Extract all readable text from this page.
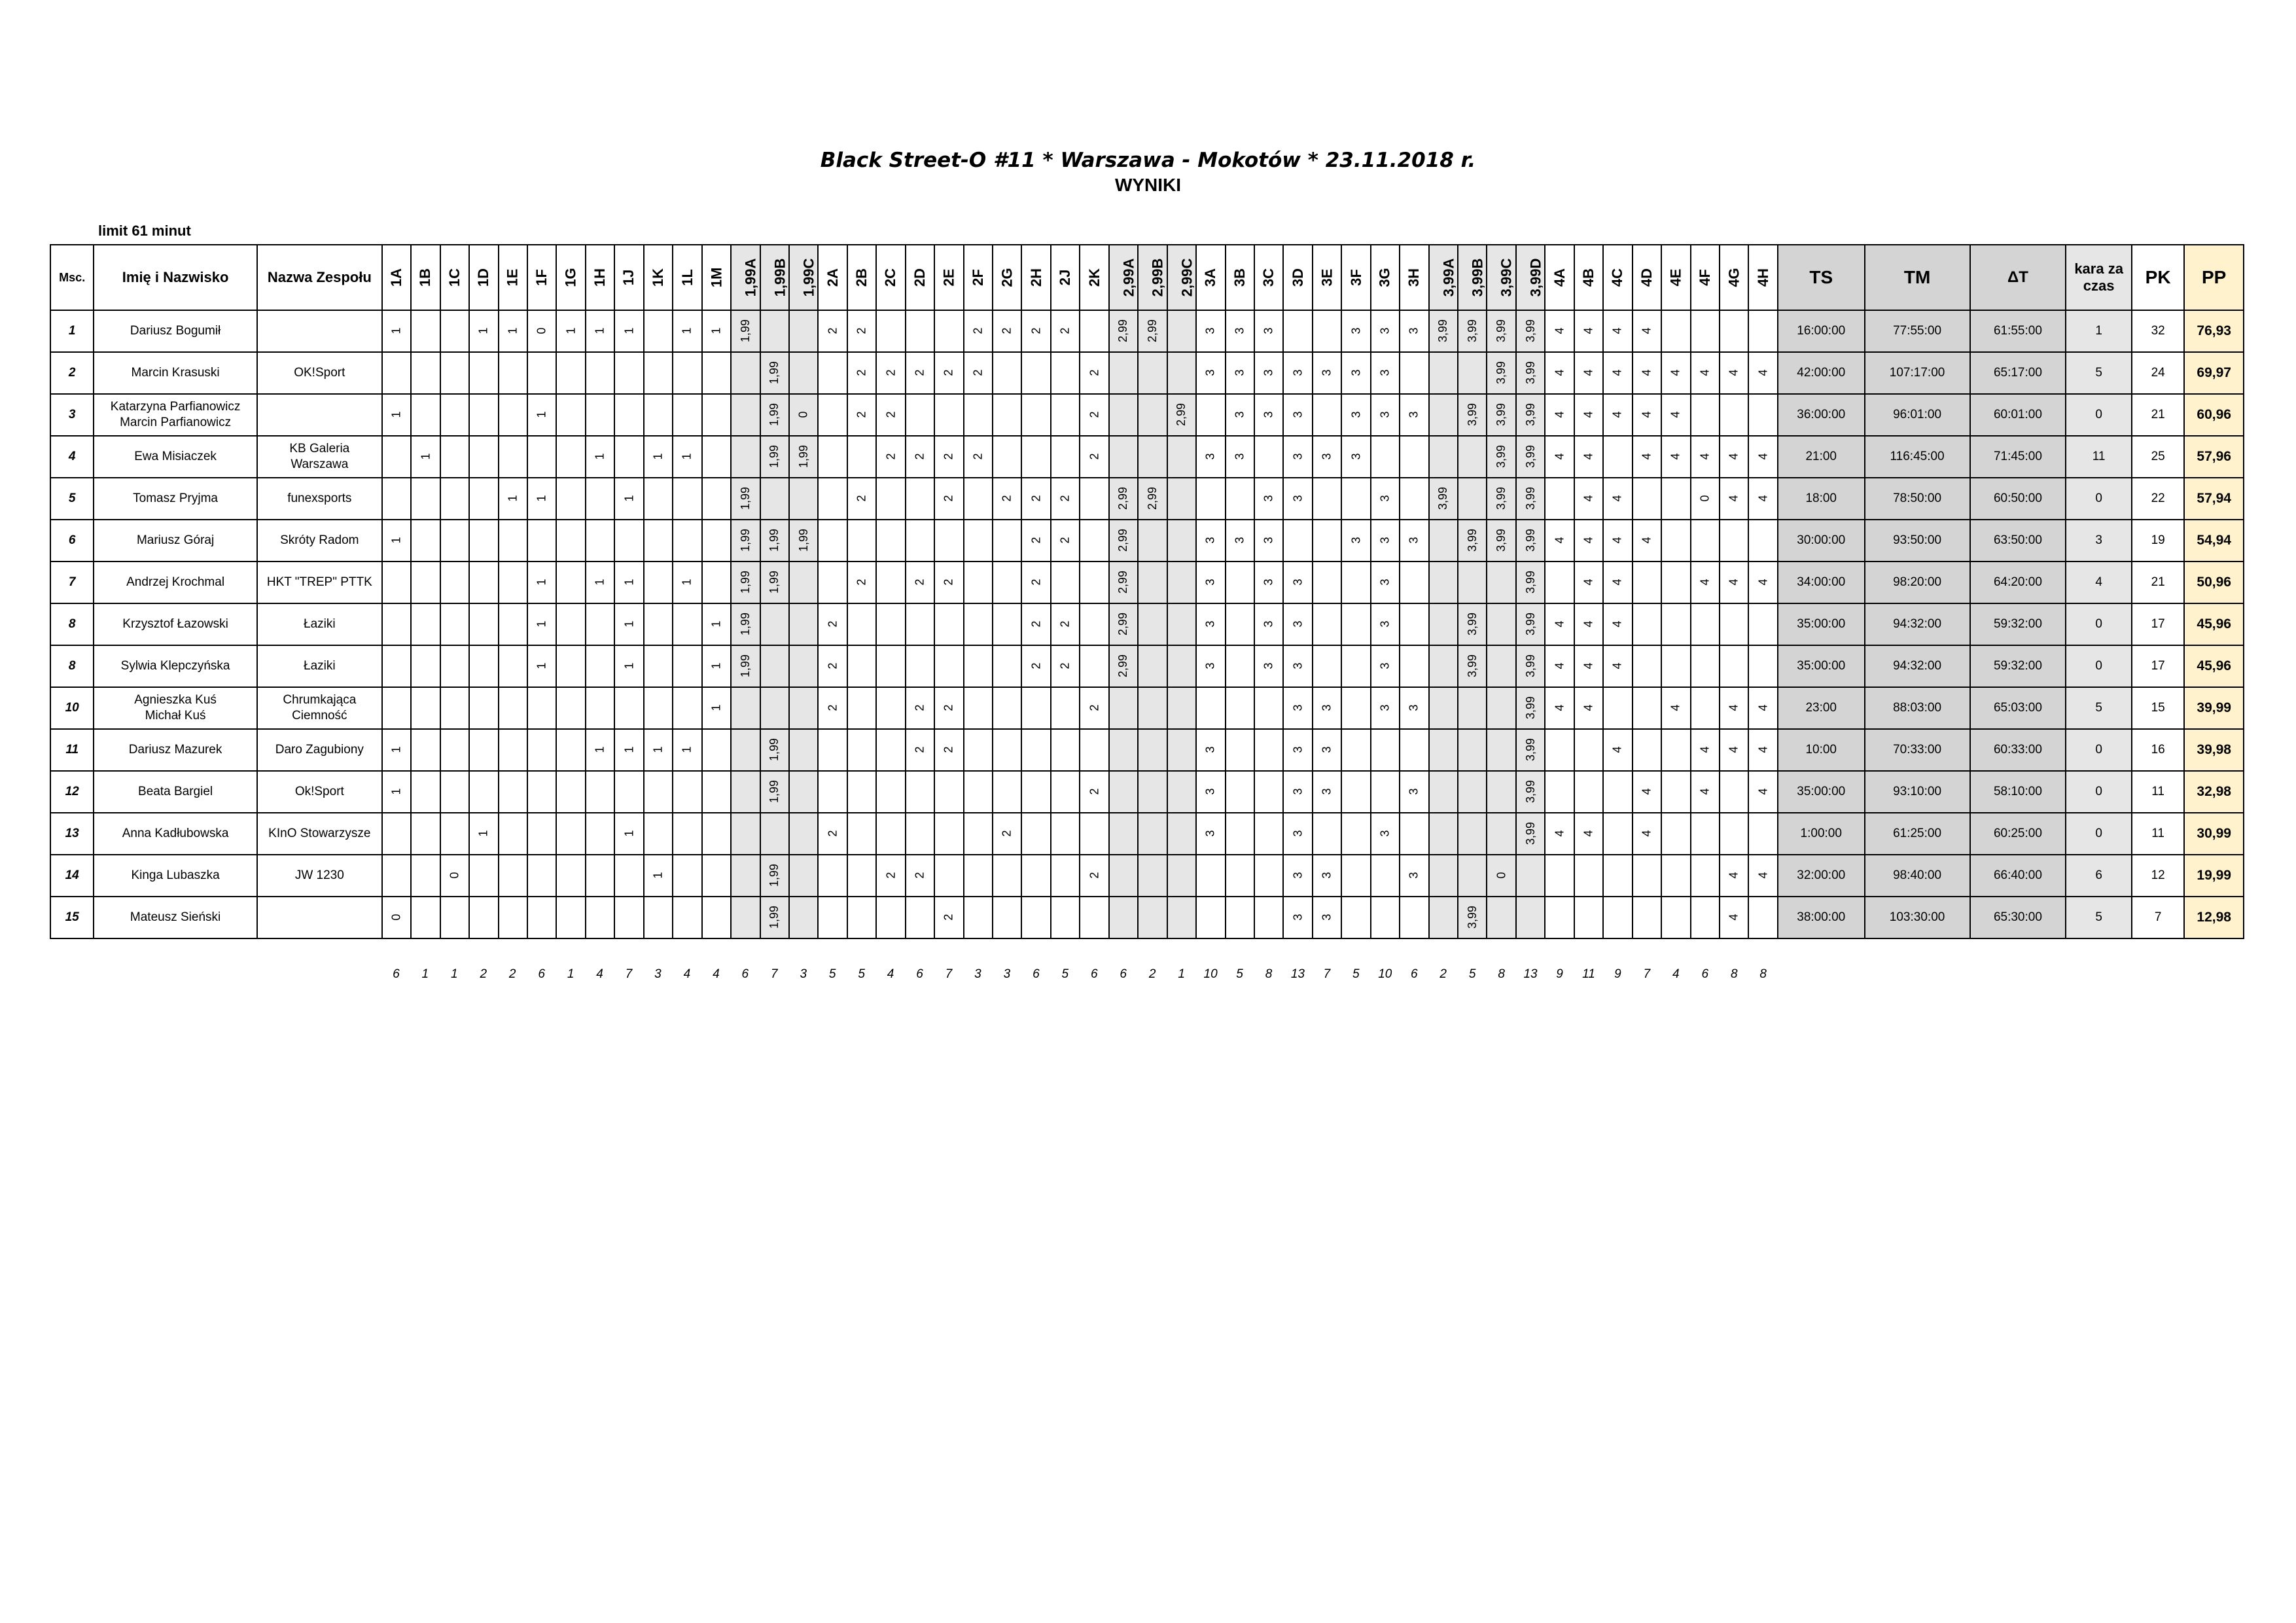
Black Street-O #11 * Warszawa - Mokotów * 23.11.2018 r.
WYNIKI
limit 61 minut
Msc.	Imię i Nazwisko	Nazwa Zespołu	1A	1B	1C	1D	1E	1F	1G	1H	1J	1K	1L	1M	1,99A	1,99B	1,99C	2A	2B	2C	2D	2E	2F	2G	2H	2J	2K	2,99A	2,99B	2,99C	3A	3B	3C	3D	3E	3F	3G	3H	3,99A	3,99B	3,99C	3,99D	4A	4B	4C	4D	4E	4F	4G	4H	TS	TM	ΔT	kara za czas	PK	PP
1	Dariusz Bogumił		1			1	1	0	1	1	1		1	1	1,99			2	2				2	2	2	2		2,99	2,99		3	3	3			3	3	3	3,99	3,99	3,99	3,99	4	4	4	4					16:00:00	77:55:00	61:55:00	1	32	76,93
2	Marcin Krasuski	OK!Sport														1,99			2	2	2	2	2				2				3	3	3	3	3	3	3				3,99	3,99	4	4	4	4	4	4	4	4	42:00:00	107:17:00	65:17:00	5	24	69,97
3	Katarzyna Parfianowicz
Marcin Parfianowicz		1					1								1,99	0		2	2							2			2,99		3	3	3		3	3	3		3,99	3,99	3,99	4	4	4	4	4				36:00:00	96:01:00	60:01:00	0	21	60,96
4	Ewa Misiaczek	KB Galeria
Warszawa		1						1		1	1			1,99	1,99			2	2	2	2				2				3	3		3	3	3					3,99	3,99	4	4		4	4	4	4	4	21:00	116:45:00	71:45:00	11	25	57,96
5	Tomasz Pryjma	funexsports					1	1			1				1,99				2			2		2	2	2		2,99	2,99				3	3			3		3,99		3,99	3,99		4	4			0	4	4	18:00	78:50:00	60:50:00	0	22	57,94
6	Mariusz Góraj	Skróty Radom	1												1,99	1,99	1,99								2	2		2,99			3	3	3			3	3	3		3,99	3,99	3,99	4	4	4	4					30:00:00	93:50:00	63:50:00	3	19	54,94
7	Andrzej Krochmal	HKT "TREP" PTTK						1		1	1		1		1,99	1,99			2		2	2			2			2,99			3		3	3			3					3,99		4	4			4	4	4	34:00:00	98:20:00	64:20:00	4	21	50,96
8	Krzysztof Łazowski	Łaziki						1			1			1	1,99			2							2	2		2,99			3		3	3			3			3,99		3,99	4	4	4						35:00:00	94:32:00	59:32:00	0	17	45,96
8	Sylwia Klepczyńska	Łaziki						1			1			1	1,99			2							2	2		2,99			3		3	3			3			3,99		3,99	4	4	4						35:00:00	94:32:00	59:32:00	0	17	45,96
10	Agnieszka Kuś
Michał Kuś	Chrumkająca
Ciemność												1				2			2	2					2							3	3		3	3				3,99	4	4			4		4	4	23:00	88:03:00	65:03:00	5	15	39,99
11	Dariusz Mazurek	Daro Zagubiony	1							1	1	1	1			1,99					2	2									3			3	3							3,99			4			4	4	4	10:00	70:33:00	60:33:00	0	16	39,98
12	Beata Bargiel	Ok!Sport	1													1,99											2				3			3	3			3				3,99				4		4		4	35:00:00	93:10:00	58:10:00	0	11	32,98
13	Anna Kadłubowska	KInO Stowarzysze				1					1							2						2							3			3			3					3,99	4	4		4					1:00:00	61:25:00	60:25:00	0	11	30,99
14	Kinga Lubaszka	JW 1230			0							1				1,99				2	2						2							3	3			3			0								4	4	32:00:00	98:40:00	66:40:00	6	12	19,99
15	Mateusz Sieński		0													1,99						2												3	3					3,99									4		38:00:00	103:30:00	65:30:00	5	7	12,98
			6	1	1	2	2	6	1	4	7	3	4	4	6	7	3	5	5	4	6	7	3	3	6	5	6	6	2	1	10	5	8	13	7	5	10	6	2	5	8	13	9	11	9	7	4	6	8	8						
